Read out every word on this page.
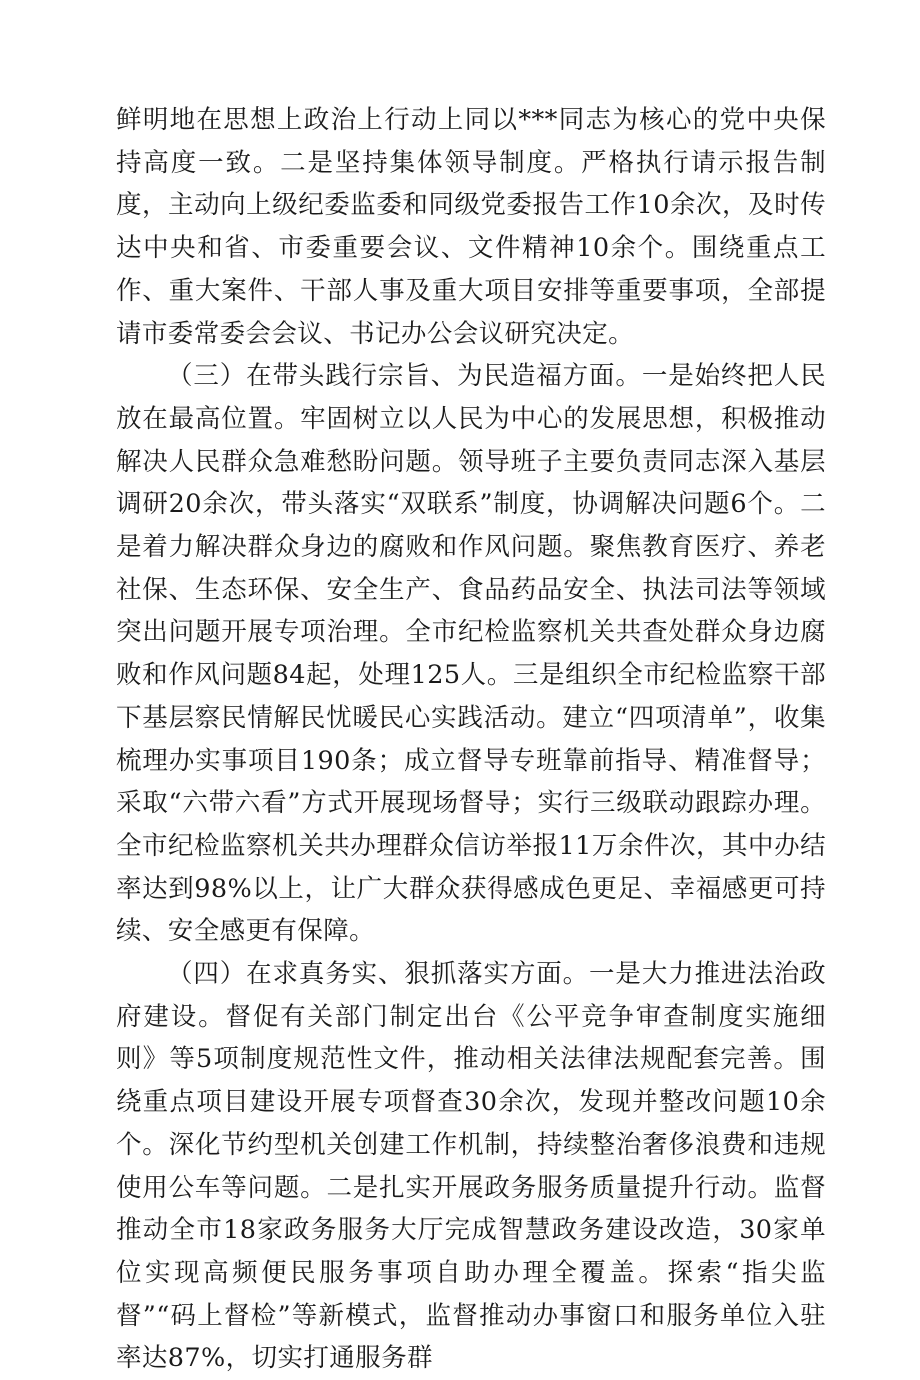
鲜明地在思想上政治上行动上同以***同志为核心的党中央保持高度一致。二是坚持集体领导制度。严格执行请示报告制度，主动向上级纪委监委和同级党委报告工作10余次，及时传达中央和省、市委重要会议、文件精神10余个。围绕重点工作、重大案件、干部人事及重大项目安排等重要事项，全部提请市委常委会会议、书记办公会议研究决定。

（三）在带头践行宗旨、为民造福方面。一是始终把人民放在最高位置。牢固树立以人民为中心的发展思想，积极推动解决人民群众急难愁盼问题。领导班子主要负责同志深入基层调研20余次，带头落实“双联系”制度，协调解决问题6个。二是着力解决群众身边的腐败和作风问题。聚焦教育医疗、养老社保、生态环保、安全生产、食品药品安全、执法司法等领域突出问题开展专项治理。全市纪检监察机关共查处群众身边腐败和作风问题84起，处理125人。三是组织全市纪检监察干部下基层察民情解民忧暖民心实践活动。建立“四项清单”，收集梳理办实事项目190条；成立督导专班靠前指导、精准督导；采取“六带六看”方式开展现场督导；实行三级联动跟踪办理。全市纪检监察机关共办理群众信访举报11万余件次，其中办结率达到98%以上，让广大群众获得感成色更足、幸福感更可持续、安全感更有保障。

（四）在求真务实、狠抓落实方面。一是大力推进法治政府建设。督促有关部门制定出台《公平竞争审查制度实施细则》等5项制度规范性文件，推动相关法律法规配套完善。围绕重点项目建设开展专项督查30余次，发现并整改问题10余个。深化节约型机关创建工作机制，持续整治奢侈浪费和违规使用公车等问题。二是扎实开展政务服务质量提升行动。监督推动全市18家政务服务大厅完成智慧政务建设改造，30家单位实现高频便民服务事项自助办理全覆盖。探索“指尖监督”“码上督检”等新模式，监督推动办事窗口和服务单位入驻率达87%，切实打通服务群
